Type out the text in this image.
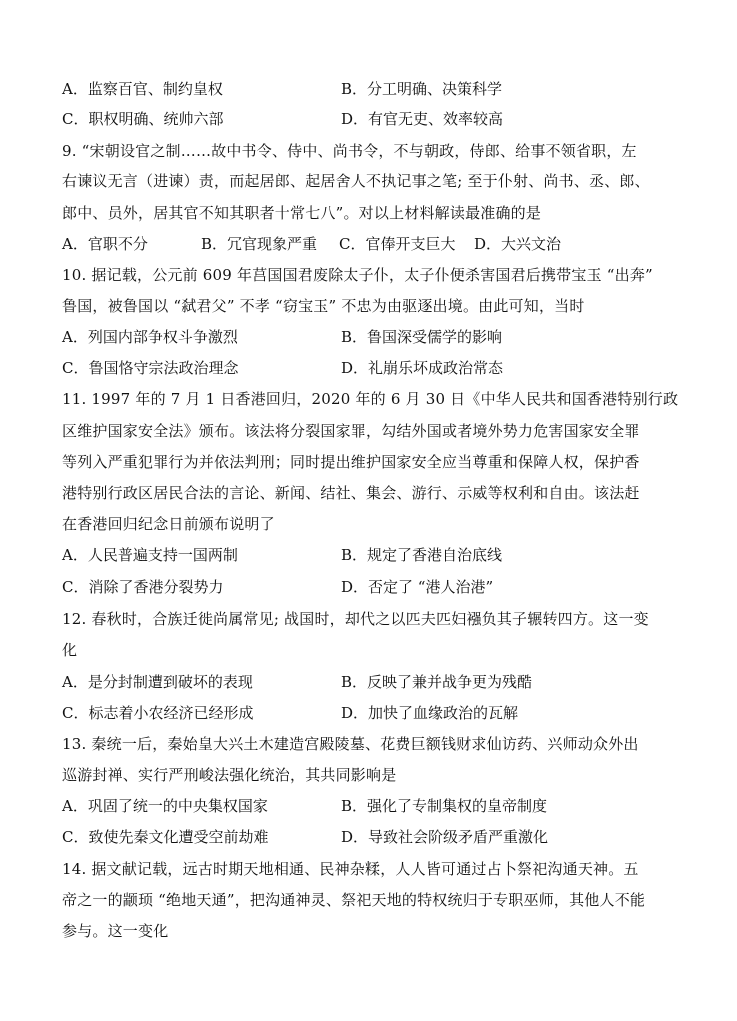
A．监察百官、制约皇权	B．分工明确、决策科学
C．职权明确、统帅六部	D．有官无吏、效率较高
9. “宋朝设官之制……故中书令、侍中、尚书令，不与朝政，侍郎、给事不领省职，左
右谏议无言（进谏）责，而起居郎、起居舍人不执记事之笔; 至于仆射、尚书、丞、郎、
郎中、员外，居其官不知其职者十常七八”。对以上材料解读最准确的是
A．官职不分	B．冗官现象严重 C．官俸开支巨大 D．大兴文治
10. 据记载，公元前 609 年莒国国君废除太子仆，太子仆便杀害国君后携带宝玉 “出奔”
鲁国，被鲁国以 “弑君父” 不孝 “窃宝玉” 不忠为由驱逐出境。由此可知，当时
A．列国内部争权斗争激烈	B．鲁国深受儒学的影响
C．鲁国恪守宗法政治理念	D．礼崩乐坏成政治常态
11. 1997 年的 7 月 1 日香港回归，2020 年的 6 月 30 日《中华人民共和国香港特别行政
区维护国家安全法》颁布。该法将分裂国家罪，勾结外国或者境外势力危害国家安全罪
等列入严重犯罪行为并依法判刑；同时提出维护国家安全应当尊重和保障人权，保护香
港特别行政区居民合法的言论、新闻、结社、集会、游行、示威等权利和自由。该法赶
在香港回归纪念日前颁布说明了
A．人民普遍支持一国两制	B．规定了香港自治底线
C．消除了香港分裂势力	D．否定了 “港人治港”
12. 春秋时，合族迁徙尚属常见; 战国时，却代之以匹夫匹妇襁负其子辗转四方。这一变
化
A．是分封制遭到破坏的表现	B．反映了兼并战争更为残酷
C．标志着小农经济已经形成	D．加快了血缘政治的瓦解
13. 秦统一后，秦始皇大兴土木建造宫殿陵墓、花费巨额钱财求仙访药、兴师动众外出
巡游封禅、实行严刑峻法强化统治，其共同影响是
A．巩固了统一的中央集权国家	B．强化了专制集权的皇帝制度
C．致使先秦文化遭受空前劫难	D．导致社会阶级矛盾严重激化
14. 据文献记载，远古时期天地相通、民神杂糅，人人皆可通过占卜祭祀沟通天神。五
帝之一的颛顼 “绝地天通”，把沟通神灵、祭祀天地的特权统归于专职巫师，其他人不能
参与。这一变化
